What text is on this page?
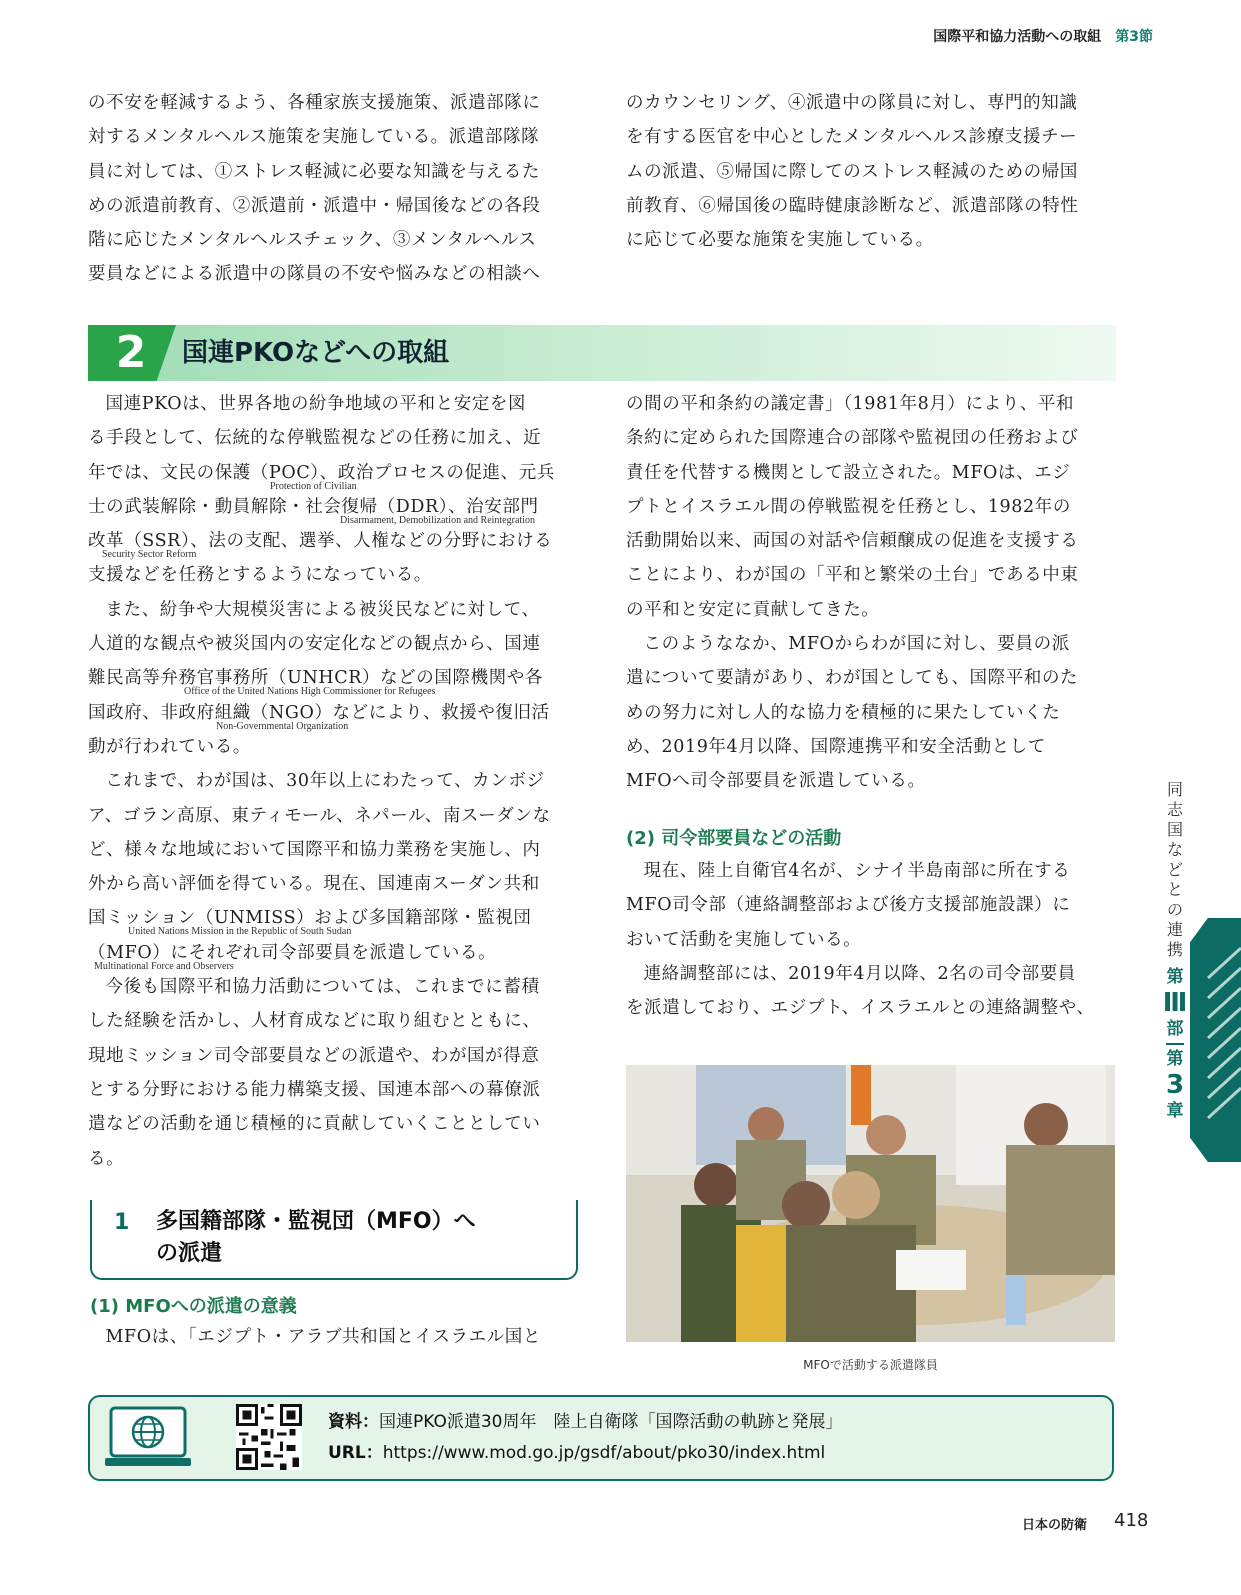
国際平和協力活動への取組 第3節
の不安を軽減するよう、各種家族支援施策、派遣部隊に
対するメンタルヘルス施策を実施している。派遣部隊隊
員に対しては、①ストレス軽減に必要な知識を与えるた
めの派遣前教育、②派遣前・派遣中・帰国後などの各段
階に応じたメンタルヘルスチェック、③メンタルヘルス
要員などによる派遣中の隊員の不安や悩みなどの相談へ
のカウンセリング、④派遣中の隊員に対し、専門的知識
を有する医官を中心としたメンタルヘルス診療支援チー
ムの派遣、⑤帰国に際してのストレス軽減のための帰国
前教育、⑥帰国後の臨時健康診断など、派遣部隊の特性
に応じて必要な施策を実施している。
2	国連PKOなどへの取組
国連PKOは、世界各地の紛争地域の平和と安定を図
る手段として、伝統的な停戦監視などの任務に加え、近
年では、文民の保護（POC）、政治プロセスの促進、元兵
Protection of Civilian
士の武装解除・動員解除・社会復帰（DDR）、治安部門
Disarmament, Demobilization and Reintegration
改革（SSR）、法の支配、選挙、人権などの分野における
Security Sector Reform
支援などを任務とするようになっている。
また、紛争や大規模災害による被災民などに対して、
人道的な観点や被災国内の安定化などの観点から、国連
難民高等弁務官事務所（UNHCR）などの国際機関や各
Office of the United Nations High Commissioner for Refugees
国政府、非政府組織（NGO）などにより、救援や復旧活
Non-Governmental Organization
動が行われている。
これまで、わが国は、30年以上にわたって、カンボジ
ア、ゴラン高原、東ティモール、ネパール、南スーダンな
ど、様々な地域において国際平和協力業務を実施し、内
外から高い評価を得ている。現在、国連南スーダン共和
国ミッション（UNMISS）および多国籍部隊・監視団
United Nations Mission in the Republic of South Sudan
（MFO）にそれぞれ司令部要員を派遣している。
Multinational Force and Observers
今後も国際平和協力活動については、これまでに蓄積
した経験を活かし、人材育成などに取り組むとともに、
現地ミッション司令部要員などの派遣や、わが国が得意
とする分野における能力構築支援、国連本部への幕僚派
遣などの活動を通じ積極的に貢献していくこととしてい
る。
1 多国籍部隊・監視団（MFO）へ
の派遣
(1) MFOへの派遣の意義
MFOは、「エジプト・アラブ共和国とイスラエル国と
の間の平和条約の議定書」（1981年8月）により、平和
条約に定められた国際連合の部隊や監視団の任務および
責任を代替する機関として設立された。MFOは、エジ
プトとイスラエル間の停戦監視を任務とし、1982年の
活動開始以来、両国の対話や信頼醸成の促進を支援する
ことにより、わが国の「平和と繁栄の土台」である中東
の平和と安定に貢献してきた。
このようななか、MFOからわが国に対し、要員の派
遣について要請があり、わが国としても、国際平和のた
めの努力に対し人的な協力を積極的に果たしていくた
め、2019年4月以降、国際連携平和安全活動として
MFOへ司令部要員を派遣している。
(2) 司令部要員などの活動
現在、陸上自衛官4名が、シナイ半島南部に所在する
MFO司令部（連絡調整部および後方支援部施設課）に
おいて活動を実施している。
連絡調整部には、2019年4月以降、2名の司令部要員
を派遣しており、エジプト、イスラエルとの連絡調整や、
MFOで活動する派遣隊員
同
志
国
な
ど
と
の
連
携
第
Ⅲ
部
第
3
章
資料：国連PKO派遣30周年　陸上自衛隊「国際活動の軌跡と発展」
URL：https://www.mod.go.jp/gsdf/about/pko30/index.html
日本の防衛 418
